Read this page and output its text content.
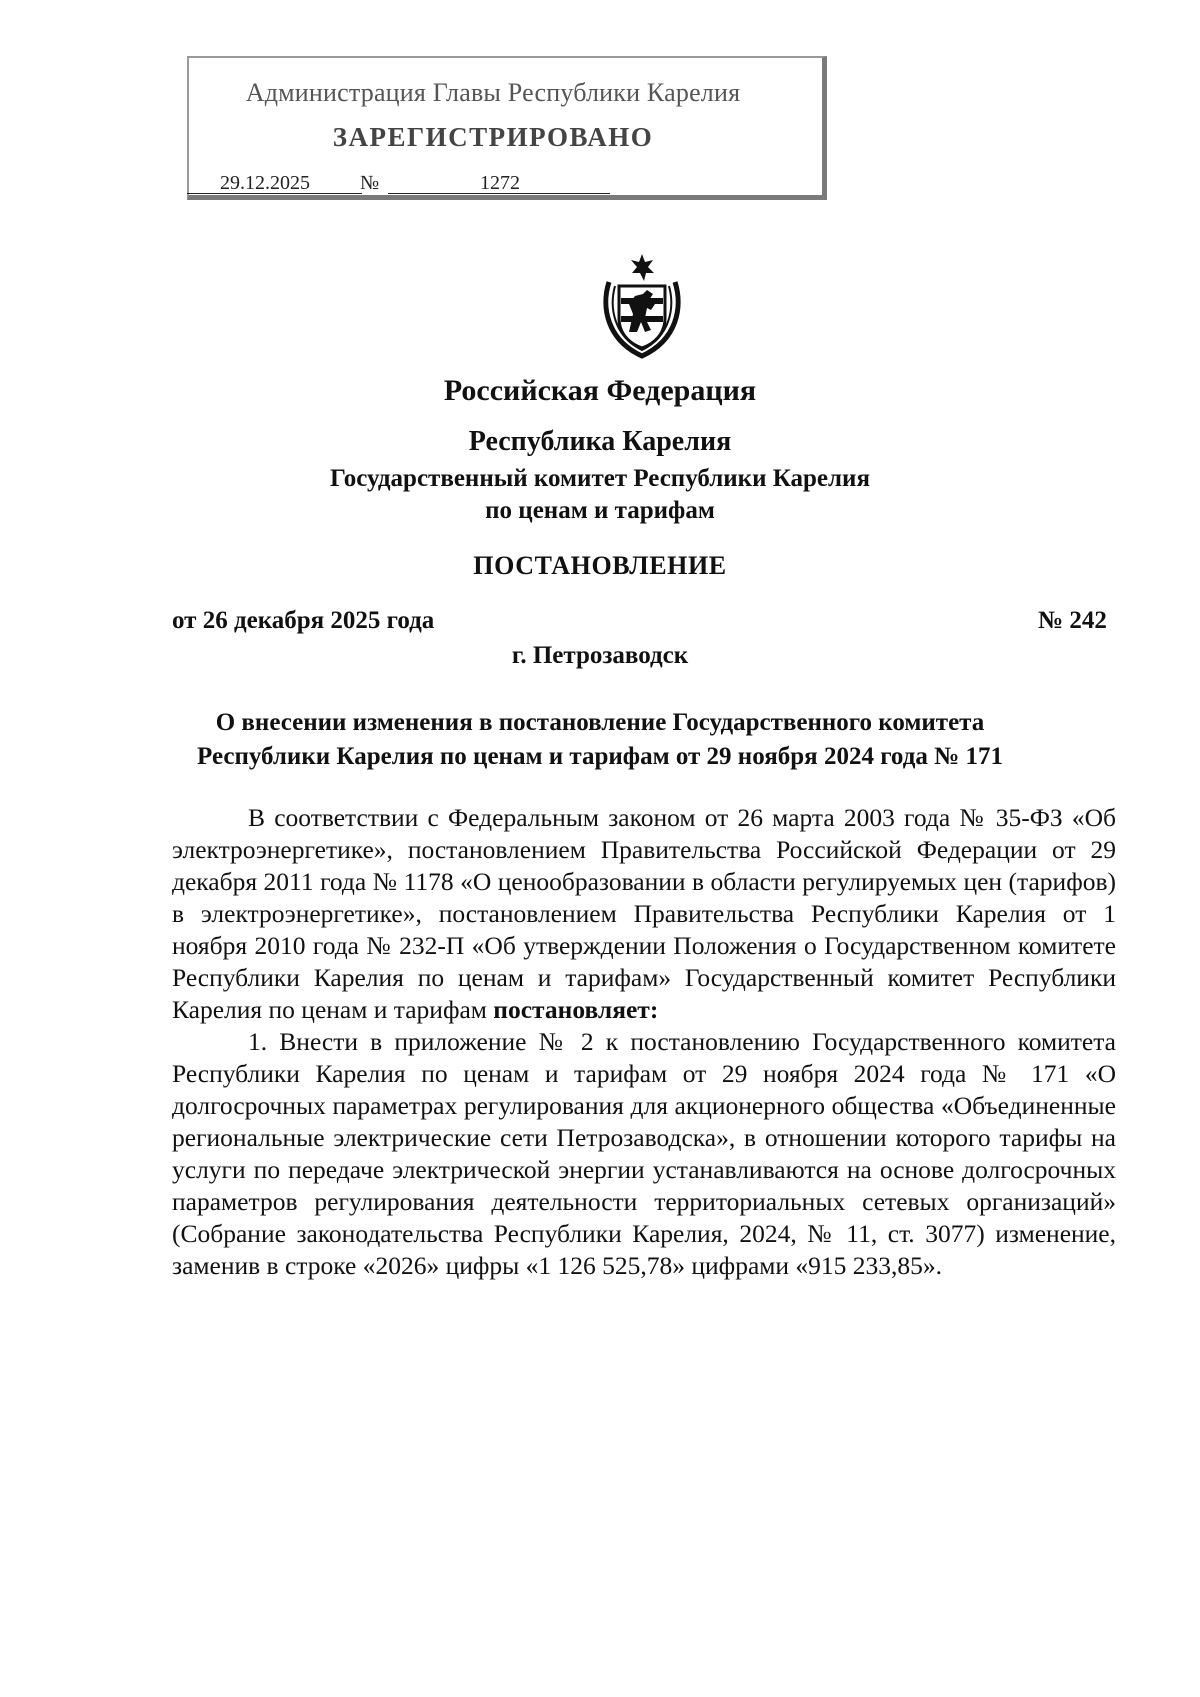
Администрация Главы Республики Карелия
ЗАРЕГИСТРИРОВАНО
29.12.2025	№	1272
Российская Федерация
Республика Карелия
Государственный комитет Республики Карелия
по ценам и тарифам
ПОСТАНОВЛЕНИЕ
от 26 декабря 2025 года	№ 242
г. Петрозаводск
О внесении изменения в постановление Государственного комитета
Республики Карелия по ценам и тарифам от 29 ноября 2024 года № 171

В соответствии с Федеральным законом от 26 марта 2003 года № 35-ФЗ «Об электроэнергетике», постановлением Правительства Российской Федерации от 29 декабря 2011 года № 1178 «О ценообразовании в области регулируемых цен (тарифов) в электроэнергетике», постановлением Правительства Республики Карелия от 1 ноября 2010 года № 232-П «Об утверждении Положения о Государственном комитете Республики Карелия по ценам и тарифам» Государственный комитет Республики Карелия по ценам и тарифам постановляет:

1. Внести в приложение № 2 к постановлению Государственного комитета Республики Карелия по ценам и тарифам от 29 ноября 2024 года № 171 «О долгосрочных параметрах регулирования для акционерного общества «Объединенные региональные электрические сети Петрозаводска», в отношении которого тарифы на услуги по передаче электрической энергии устанавливаются на основе долгосрочных параметров регулирования деятельности территориальных сетевых организаций» (Собрание законодательства Республики Карелия, 2024, № 11, ст. 3077) изменение, заменив в строке «2026» цифры «1 126 525,78» цифрами «915 233,85».
